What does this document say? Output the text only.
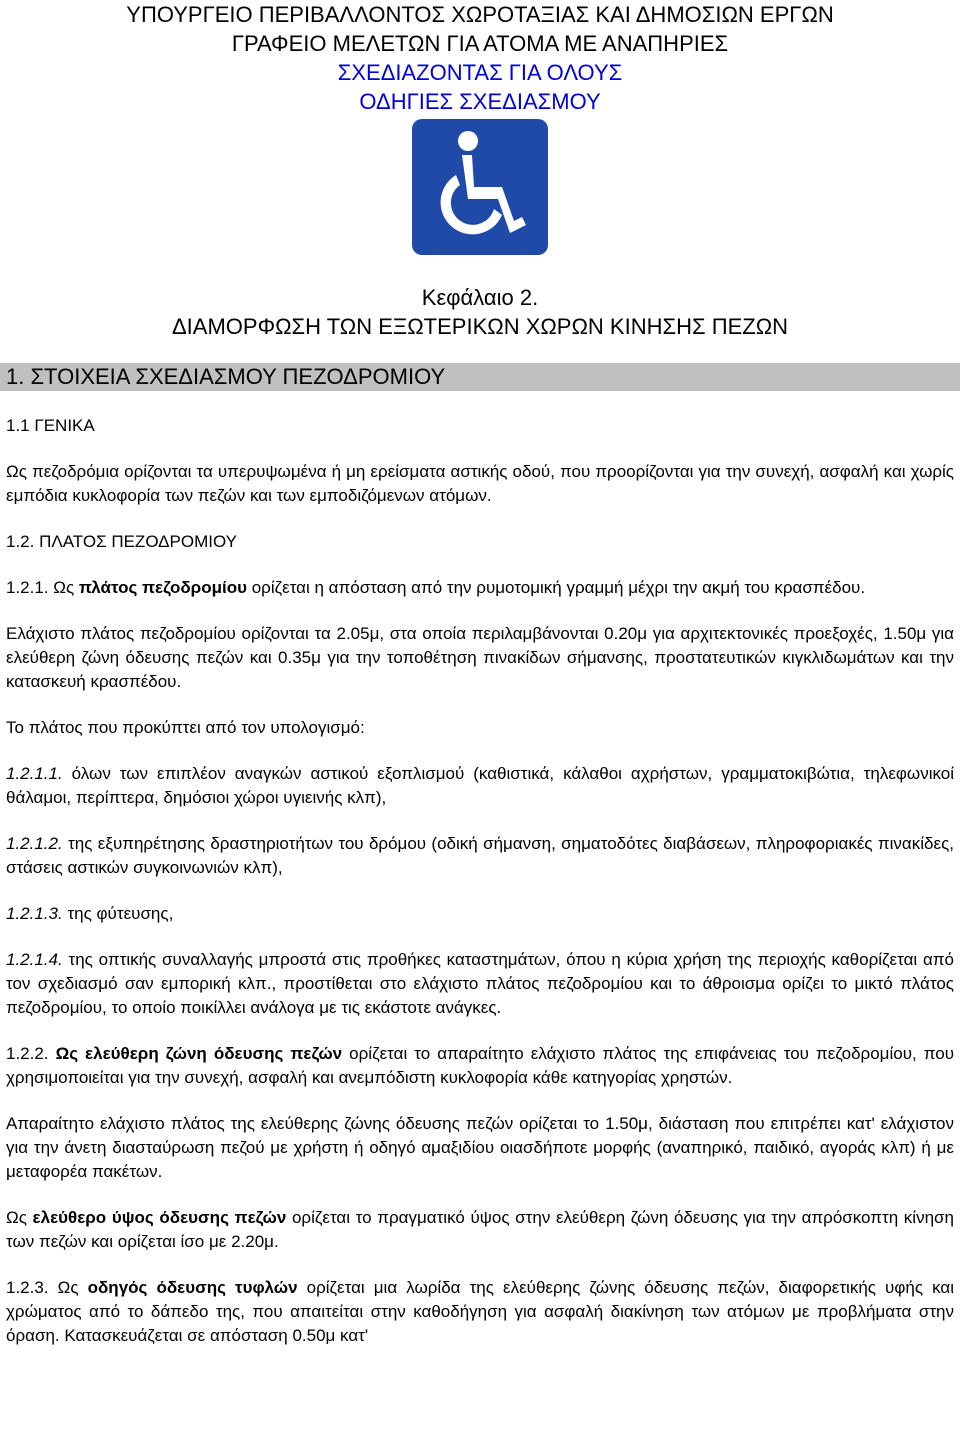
ΥΠΟΥΡΓΕΙΟ ΠΕΡΙΒΑΛΛΟΝΤΟΣ ΧΩΡΟΤΑΞΙΑΣ ΚΑΙ ΔΗΜΟΣΙΩΝ ΕΡΓΩΝ

ΓΡΑΦΕΙΟ ΜΕΛΕΤΩΝ ΓΙΑ ΑΤΟΜΑ ΜΕ ΑΝΑΠΗΡΙΕΣ

ΣΧΕΔΙΑΖΟΝΤΑΣ ΓΙΑ ΟΛΟΥΣ

ΟΔΗΓΙΕΣ ΣΧΕΔΙΑΣΜΟΥ

Κεφάλαιο 2.

ΔΙΑΜΟΡΦΩΣΗ ΤΩΝ ΕΞΩΤΕΡΙΚΩΝ ΧΩΡΩΝ ΚΙΝΗΣΗΣ ΠΕΖΩΝ

1. ΣΤΟΙΧΕΙΑ ΣΧΕΔΙΑΣΜΟΥ ΠΕΖΟΔΡΟΜΙΟΥ

1.1 ΓΕΝΙΚΑ

Ως πεζοδρόμια ορίζονται τα υπερυψωμένα ή μη ερείσματα αστικής οδού, που προορίζονται για την συνεχή, ασφαλή και χωρίς εμπόδια κυκλοφορία των πεζών και των εμποδιζόμενων ατόμων.

1.2. ΠΛΑΤΟΣ ΠΕΖΟΔΡΟΜΙΟΥ

1.2.1. Ως πλάτος πεζοδρομίου ορίζεται η απόσταση από την ρυμοτομική γραμμή μέχρι την ακμή του κρασπέδου.

Ελάχιστο πλάτος πεζοδρομίου ορίζονται τα 2.05μ, στα οποία περιλαμβάνονται 0.20μ για αρχιτεκτονικές προεξοχές, 1.50μ για ελεύθερη ζώνη όδευσης πεζών και 0.35μ για την τοποθέτηση πινακίδων σήμανσης, προστατευτικών κιγκλιδωμάτων και την κατασκευή κρασπέδου.

Το πλάτος που προκύπτει από τον υπολογισμό:

1.2.1.1. όλων των επιπλέον αναγκών αστικού εξοπλισμού (καθιστικά, κάλαθοι αχρήστων, γραμματοκιβώτια, τηλεφωνικοί θάλαμοι, περίπτερα, δημόσιοι χώροι υγιεινής κλπ),

1.2.1.2. της εξυπηρέτησης δραστηριοτήτων του δρόμου (οδική σήμανση, σηματοδότες διαβάσεων, πληροφοριακές πινακίδες, στάσεις αστικών συγκοινωνιών κλπ),

1.2.1.3. της φύτευσης,

1.2.1.4. της οπτικής συναλλαγής μπροστά στις προθήκες καταστημάτων, όπου η κύρια χρήση της περιοχής καθορίζεται από τον σχεδιασμό σαν εμπορική κλπ., προστίθεται στο ελάχιστο πλάτος πεζοδρομίου και το άθροισμα ορίζει το μικτό πλάτος πεζοδρομίου, το οποίο ποικίλλει ανάλογα με τις εκάστοτε ανάγκες.

1.2.2. Ως ελεύθερη ζώνη όδευσης πεζών ορίζεται το απαραίτητο ελάχιστο πλάτος της επιφάνειας του πεζοδρομίου, που χρησιμοποιείται για την συνεχή, ασφαλή και ανεμπόδιστη κυκλοφορία κάθε κατηγορίας χρηστών.

Απαραίτητο ελάχιστο πλάτος της ελεύθερης ζώνης όδευσης πεζών ορίζεται το 1.50μ, διάσταση που επιτρέπει κατ' ελάχιστον για την άνετη διασταύρωση πεζού με χρήστη ή οδηγό αμαξιδίου οιασδήποτε μορφής (αναπηρικό, παιδικό, αγοράς κλπ) ή με μεταφορέα πακέτων.

Ως ελεύθερο ύψος όδευσης πεζών ορίζεται το πραγματικό ύψος στην ελεύθερη ζώνη όδευσης για την απρόσκοπτη κίνηση των πεζών και ορίζεται ίσο με 2.20μ.

1.2.3. Ως οδηγός όδευσης τυφλών ορίζεται μια λωρίδα της ελεύθερης ζώνης όδευσης πεζών, διαφορετικής υφής και χρώματος από το δάπεδο της, που απαιτείται στην καθοδήγηση για ασφαλή διακίνηση των ατόμων με προβλήματα στην όραση. Κατασκευάζεται σε απόσταση 0.50μ κατ'
